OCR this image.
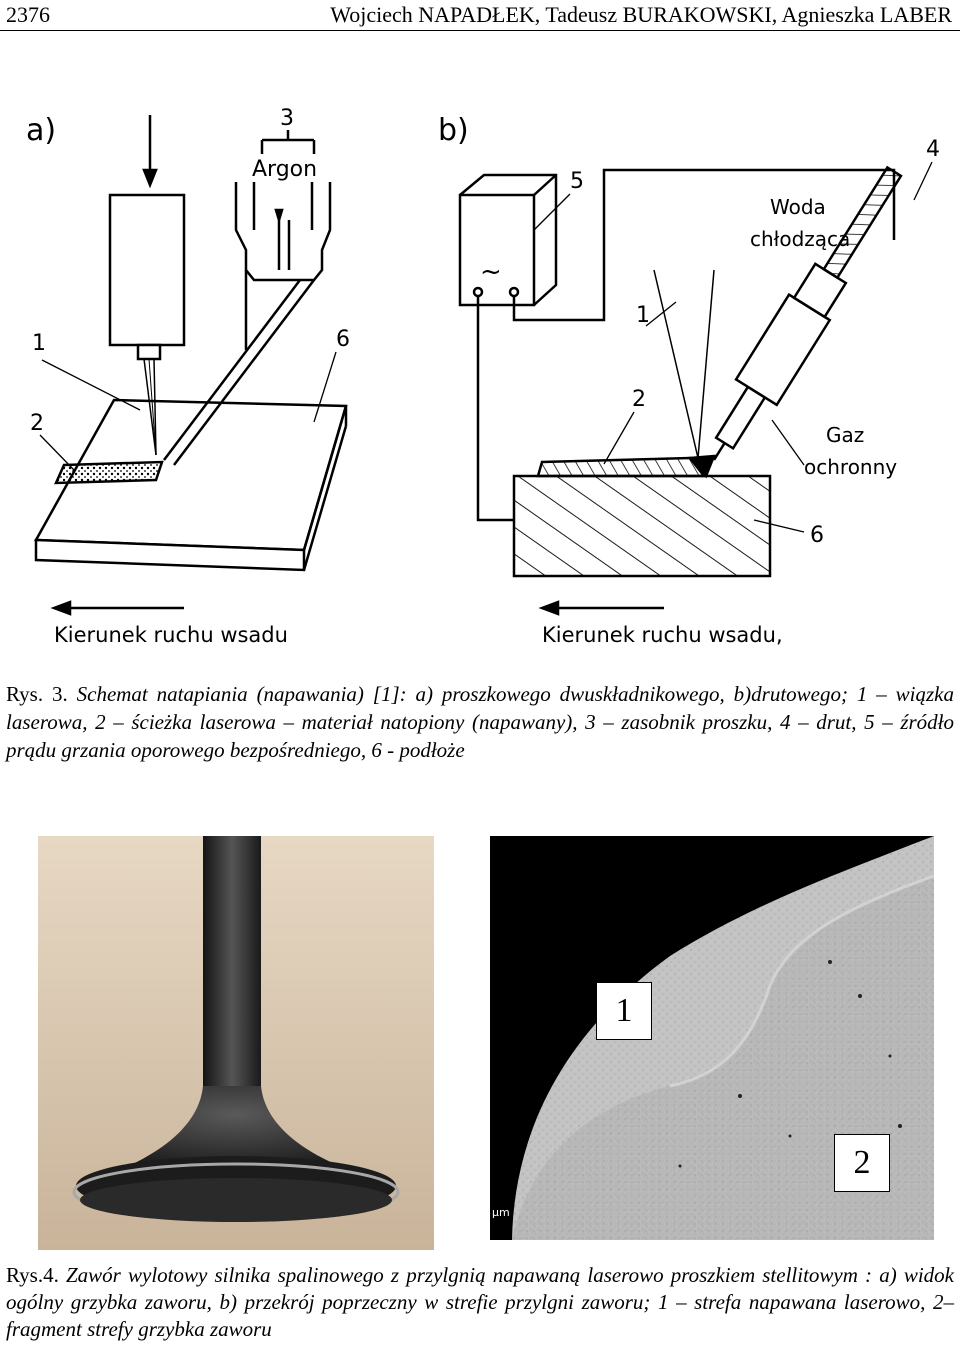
2376	Wojciech NAPADŁEK, Tadeusz BURAKOWSKI, Agnieszka LABER
a)	3
Argon
1
2
6
Kierunek ruchu wsadu
b)
~
Woda
chłodząca
4
5
1
2
Gaz
ochronny
6
Kierunek ruchu wsadu,
Rys. 3. Schemat natapiania (napawania) [1]: a) proszkowego dwuskładnikowego, b)drutowego; 1 – wiązka laserowa, 2 – ścieżka laserowa – materiał natopiony (napawany), 3 – zasobnik proszku, 4 – drut, 5 – źródło prądu grzania oporowego bezpośredniego, 6 - podłoże
μm
1
2
Rys.4. Zawór wylotowy silnika spalinowego z przylgnią napawaną laserowo proszkiem stellitowym : a) widok ogólny grzybka zaworu, b) przekrój poprzeczny w strefie przylgni zaworu; 1 – strefa napawana laserowo, 2– fragment strefy grzybka zaworu
